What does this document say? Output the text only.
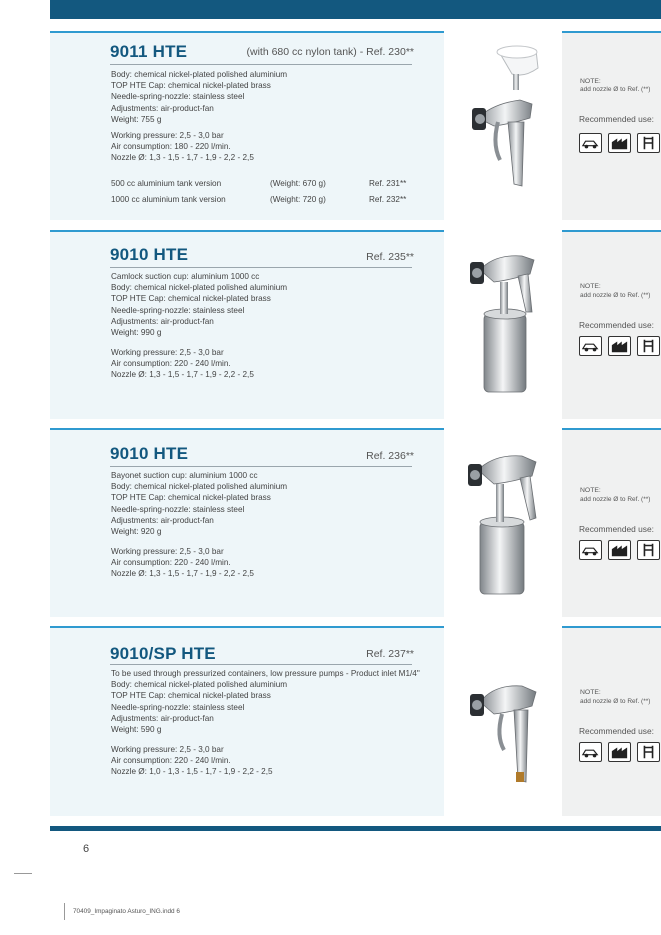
9011 HTE	(with 680 cc nylon tank) - Ref. 230**
Body: chemical nickel-plated polished aluminium
TOP HTE Cap: chemical nickel-plated brass
Needle-spring-nozzle: stainless steel
Adjustments: air-product-fan
Weight: 755 g
Working pressure: 2,5 - 3,0 bar
Air consumption: 180 - 220 l/min.
Nozzle Ø: 1,3 - 1,5 - 1,7 - 1,9 - 2,2 - 2,5
500 cc aluminium tank version	(Weight: 670 g)	Ref. 231**
1000 cc aluminium tank version	(Weight: 720 g)	Ref. 232**
NOTE:
add nozzle Ø to Ref. (**)
Recommended use:
9010 HTE	Ref. 235**
Camlock suction cup: aluminium 1000 cc
Body: chemical nickel-plated polished aluminium
TOP HTE Cap: chemical nickel-plated brass
Needle-spring-nozzle: stainless steel
Adjustments: air-product-fan
Weight: 990 g
Working pressure: 2,5 - 3,0 bar
Air consumption: 220 - 240 l/min.
Nozzle Ø: 1,3 - 1,5 - 1,7 - 1,9 - 2,2 - 2,5
NOTE:
add nozzle Ø to Ref. (**)
Recommended use:
9010 HTE	Ref. 236**
Bayonet suction cup: aluminium 1000 cc
Body: chemical nickel-plated polished aluminium
TOP HTE Cap: chemical nickel-plated brass
Needle-spring-nozzle: stainless steel
Adjustments: air-product-fan
Weight: 920 g
Working pressure: 2,5 - 3,0 bar
Air consumption: 220 - 240 l/min.
Nozzle Ø: 1,3 - 1,5 - 1,7 - 1,9 - 2,2 - 2,5
NOTE:
add nozzle Ø to Ref. (**)
Recommended use:
9010/SP HTE	Ref. 237**
To be used through pressurized containers, low pressure pumps - Product inlet M1/4"
Body: chemical nickel-plated polished aluminium
TOP HTE Cap: chemical nickel-plated brass
Needle-spring-nozzle: stainless steel
Adjustments: air-product-fan
Weight: 590 g
Working pressure: 2,5 - 3,0 bar
Air consumption: 220 - 240 l/min.
Nozzle Ø: 1,0 - 1,3 - 1,5 - 1,7 - 1,9 - 2,2 - 2,5
NOTE:
add nozzle Ø to Ref. (**)
Recommended use:
6
70409_Impaginato Asturo_ING.indd 6
